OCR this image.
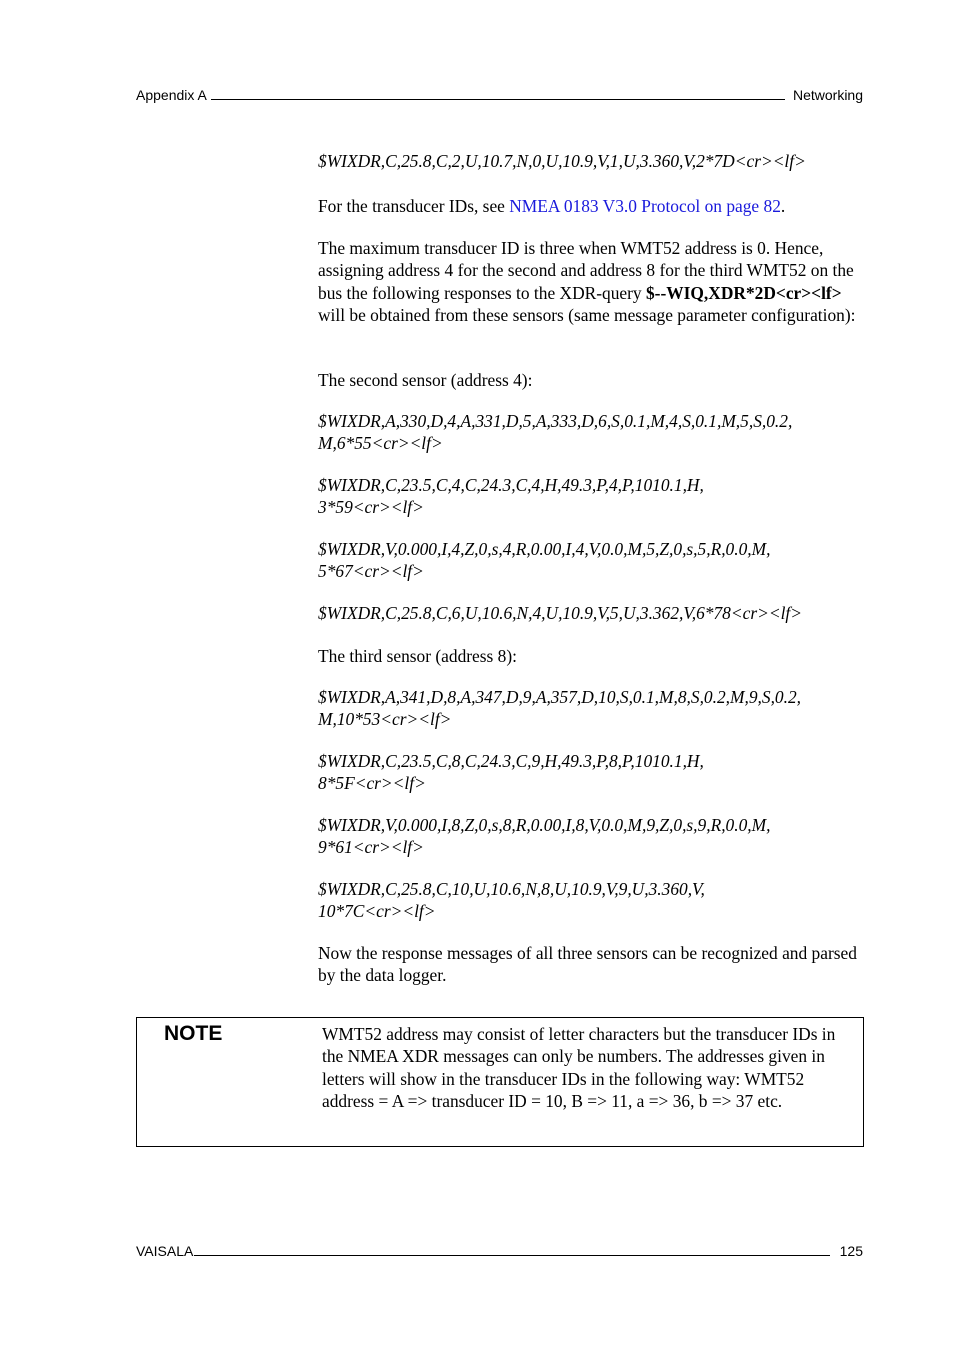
Appendix A	Networking

$WIXDR,C,25.8,C,2,U,10.7,N,0,U,10.9,V,1,U,3.360,V,2*7D<cr><lf>

For the transducer IDs, see NMEA 0183 V3.0 Protocol on page 82.

The maximum transducer ID is three when WMT52 address is 0. Hence, assigning address 4 for the second and address 8 for the third WMT52 on the bus the following responses to the XDR-query $--WIQ,XDR*2D<cr><lf> will be obtained from these sensors (same message parameter configuration):

The second sensor (address 4):

$WIXDR,A,330,D,4,A,331,D,5,A,333,D,6,S,0.1,M,4,S,0.1,M,5,S,0.2,
M,6*55<cr><lf>

$WIXDR,C,23.5,C,4,C,24.3,C,4,H,49.3,P,4,P,1010.1,H,
3*59<cr><lf>

$WIXDR,V,0.000,I,4,Z,0,s,4,R,0.00,I,4,V,0.0,M,5,Z,0,s,5,R,0.0,M,
5*67<cr><lf>

$WIXDR,C,25.8,C,6,U,10.6,N,4,U,10.9,V,5,U,3.362,V,6*78<cr><lf>

The third sensor (address 8):

$WIXDR,A,341,D,8,A,347,D,9,A,357,D,10,S,0.1,M,8,S,0.2,M,9,S,0.2,
M,10*53<cr><lf>

$WIXDR,C,23.5,C,8,C,24.3,C,9,H,49.3,P,8,P,1010.1,H,
8*5F<cr><lf>

$WIXDR,V,0.000,I,8,Z,0,s,8,R,0.00,I,8,V,0.0,M,9,Z,0,s,9,R,0.0,M,
9*61<cr><lf>

$WIXDR,C,25.8,C,10,U,10.6,N,8,U,10.9,V,9,U,3.360,V,
10*7C<cr><lf>

Now the response messages of all three sensors can be recognized and parsed by the data logger.

NOTE	WMT52 address may consist of letter characters but the transducer IDs in the NMEA XDR messages can only be numbers. The addresses given in letters will show in the transducer IDs in the following way: WMT52 address = A => transducer ID = 10, B => 11, a => 36, b => 37 etc.
VAISALA	125
